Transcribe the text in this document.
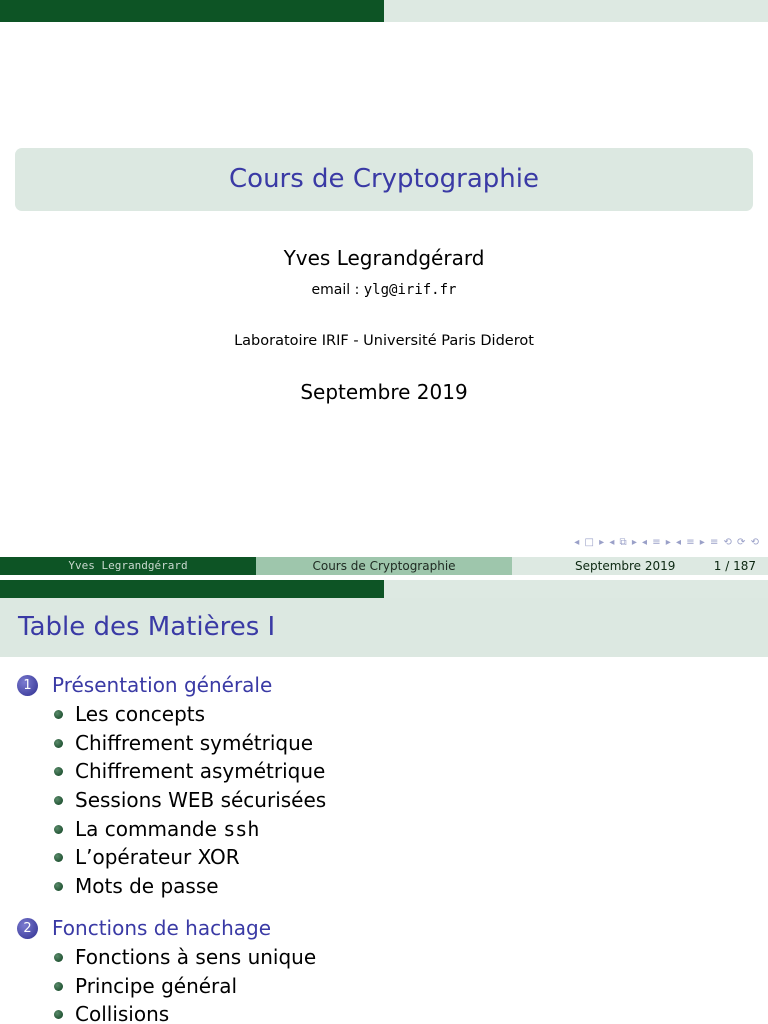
Cours de Cryptographie
Yves Legrandgérard
email : ylg@irif.fr
Laboratoire IRIF - Université Paris Diderot
Septembre 2019
◂ □ ▸ ◂ ⧉ ▸ ◂ ≡ ▸ ◂ ≡ ▸ ≡ ⟲ ⟳ ⟲
Yves Legrandgérard	Cours de Cryptographie	Septembre 2019	1 / 187
Table des Matières I
1	Présentation générale
Les concepts
Chiffrement symétrique
Chiffrement asymétrique
Sessions WEB sécurisées
La commande ssh
L’opérateur XOR
Mots de passe
2	Fonctions de hachage
Fonctions à sens unique
Principe général
Collisions
